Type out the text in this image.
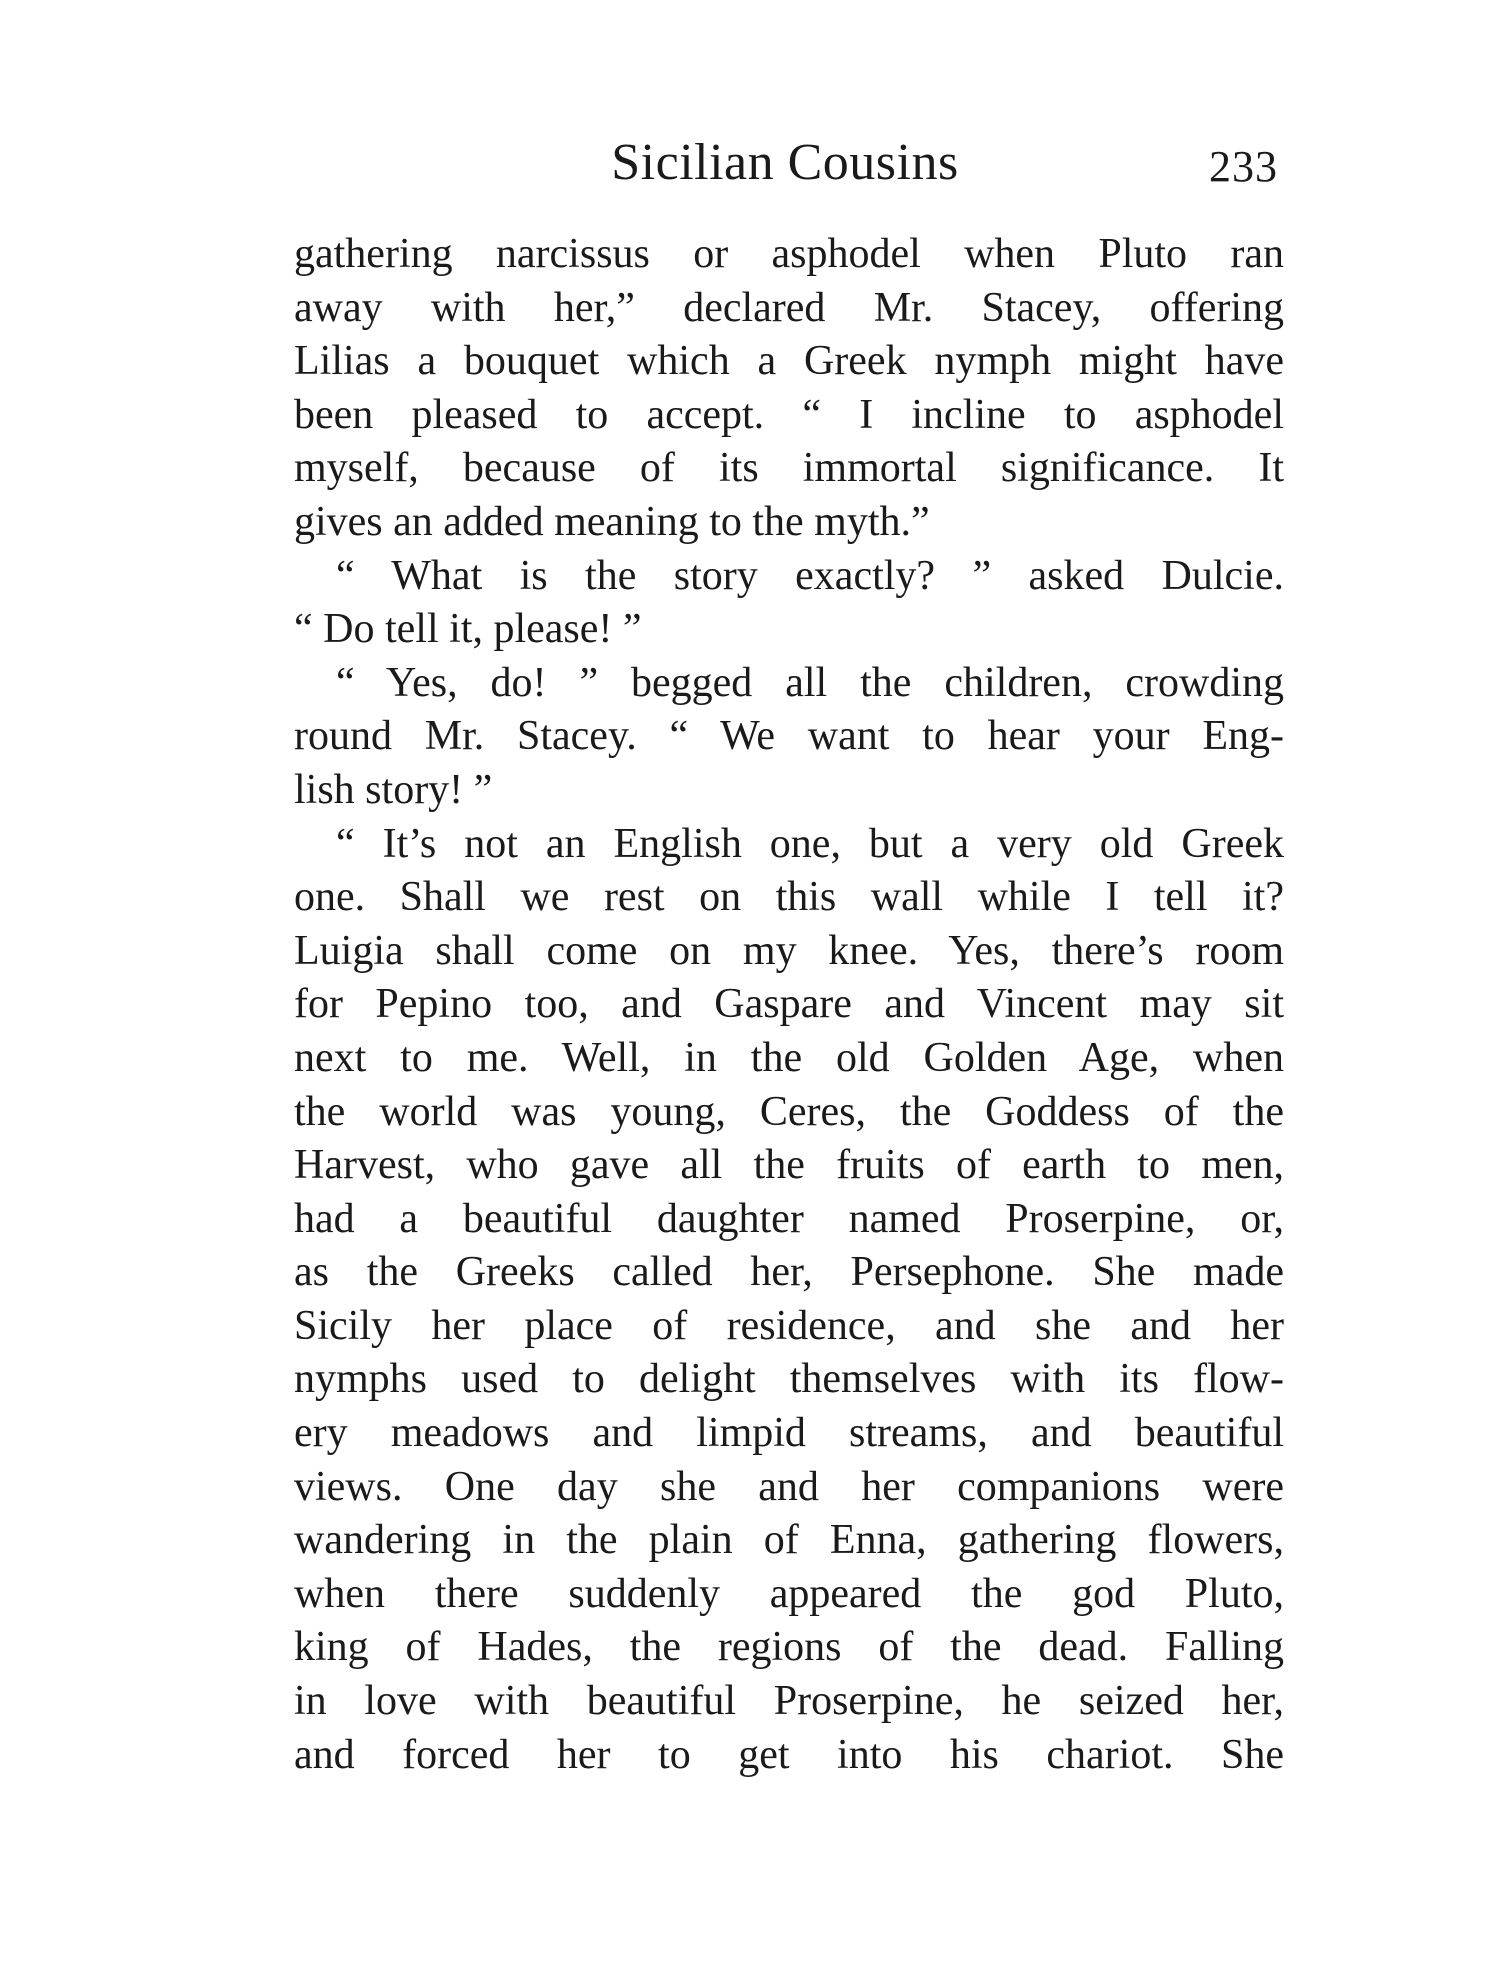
Sicilian Cousins	233
gathering narcissus or asphodel when Pluto ran
away with her,” declared Mr. Stacey, offering
Lilias a bouquet which a Greek nymph might have
been pleased to accept. “ I incline to asphodel
myself, because of its immortal significance. It
gives an added meaning to the myth.”
“ What is the story exactly? ” asked Dulcie.
“ Do tell it, please! ”
“ Yes, do! ” begged all the children, crowding
round Mr. Stacey. “ We want to hear your Eng-
lish story! ”
“ It’s not an English one, but a very old Greek
one. Shall we rest on this wall while I tell it?
Luigia shall come on my knee. Yes, there’s room
for Pepino too, and Gaspare and Vincent may sit
next to me. Well, in the old Golden Age, when
the world was young, Ceres, the Goddess of the
Harvest, who gave all the fruits of earth to men,
had a beautiful daughter named Proserpine, or,
as the Greeks called her, Persephone. She made
Sicily her place of residence, and she and her
nymphs used to delight themselves with its flow-
ery meadows and limpid streams, and beautiful
views. One day she and her companions were
wandering in the plain of Enna, gathering flowers,
when there suddenly appeared the god Pluto,
king of Hades, the regions of the dead. Falling
in love with beautiful Proserpine, he seized her,
and forced her to get into his chariot. She
